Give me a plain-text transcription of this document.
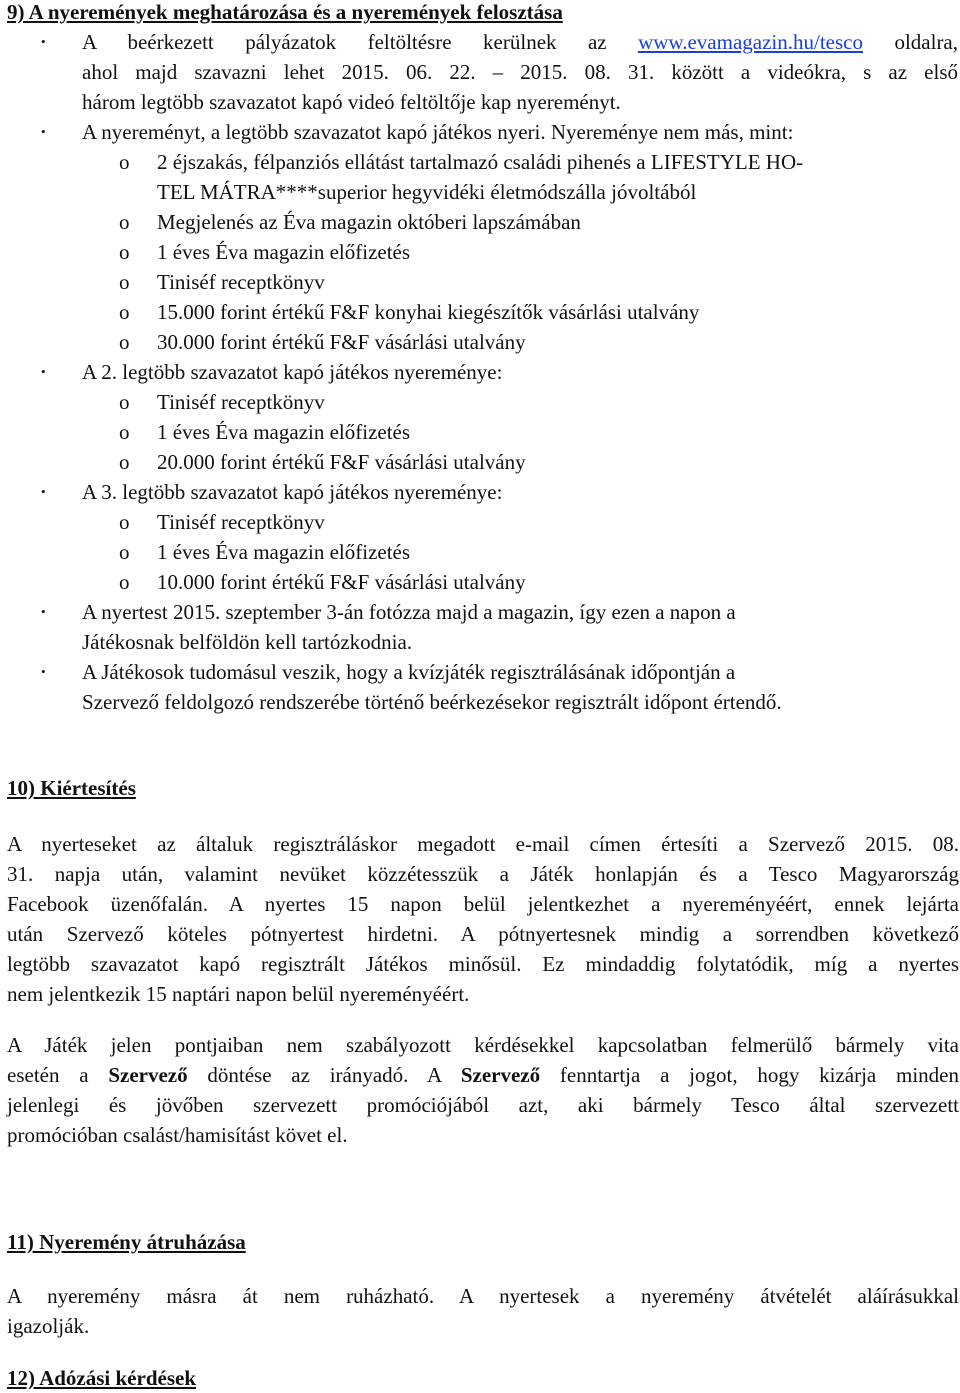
9) A nyeremények meghatározása és a nyeremények felosztása
• A beérkezett pályázatok feltöltésre kerülnek az www.evamagazin.hu/tesco oldalra,
ahol majd szavazni lehet 2015. 06. 22. – 2015. 08. 31. között a videókra, s az első
három legtöbb szavazatot kapó videó feltöltője kap nyereményt.
• A nyereményt, a legtöbb szavazatot kapó játékos nyeri. Nyereménye nem más, mint:
o 2 éjszakás, félpanziós ellátást tartalmazó családi pihenés a LIFESTYLE HO-
TEL MÁTRA****superior hegyvidéki életmódszálla jóvoltából
o Megjelenés az Éva magazin októberi lapszámában
o 1 éves Éva magazin előfizetés
o Tiniséf receptkönyv
o 15.000 forint értékű F&F konyhai kiegészítők vásárlási utalvány
o 30.000 forint értékű F&F vásárlási utalvány
• A 2. legtöbb szavazatot kapó játékos nyereménye:
o Tiniséf receptkönyv
o 1 éves Éva magazin előfizetés
o 20.000 forint értékű F&F vásárlási utalvány
• A 3. legtöbb szavazatot kapó játékos nyereménye:
o Tiniséf receptkönyv
o 1 éves Éva magazin előfizetés
o 10.000 forint értékű F&F vásárlási utalvány
• A nyertest 2015. szeptember 3-án fotózza majd a magazin, így ezen a napon a
Játékosnak belföldön kell tartózkodnia.
• A Játékosok tudomásul veszik, hogy a kvízjáték regisztrálásának időpontján a
Szervező feldolgozó rendszerébe történő beérkezésekor regisztrált időpont értendő.
10) Kiértesítés
A nyerteseket az általuk regisztráláskor megadott e-mail címen értesíti a Szervező 2015. 08.
31. napja után, valamint nevüket közzétesszük a Játék honlapján és a Tesco Magyarország
Facebook üzenőfalán. A nyertes 15 napon belül jelentkezhet a nyereményéért, ennek lejárta
után Szervező köteles pótnyertest hirdetni. A pótnyertesnek mindig a sorrendben következő
legtöbb szavazatot kapó regisztrált Játékos minősül. Ez mindaddig folytatódik, míg a nyertes
nem jelentkezik 15 naptári napon belül nyereményéért.
A Játék jelen pontjaiban nem szabályozott kérdésekkel kapcsolatban felmerülő bármely vita
esetén a Szervező döntése az irányadó. A Szervező fenntartja a jogot, hogy kizárja minden
jelenlegi és jövőben szervezett promóciójából azt, aki bármely Tesco által szervezett
promócióban csalást/hamisítást követ el.
11) Nyeremény átruházása
A nyeremény másra át nem ruházható. A nyertesek a nyeremény átvételét aláírásukkal
igazolják.
12) Adózási kérdések
